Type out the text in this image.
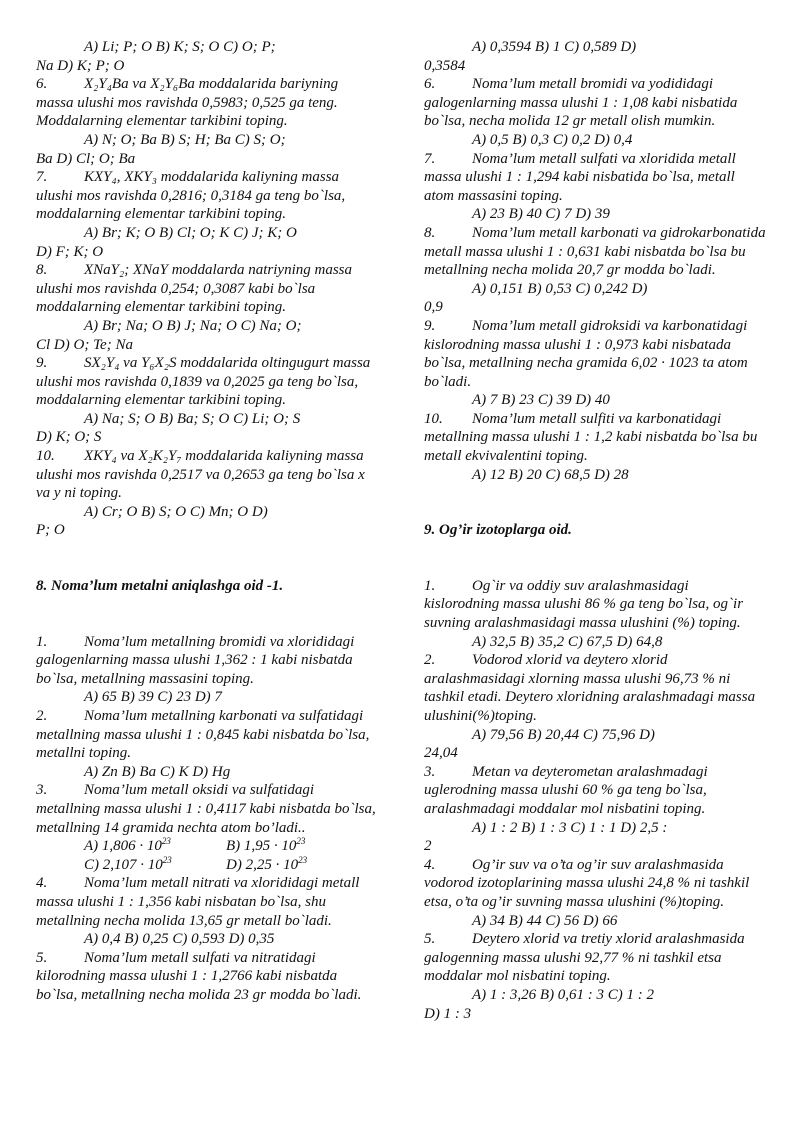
A) Li; P; O B) K; S; O C) O; P;

Na D) K; P; O

6. X₂Y₄Ba va X₂Y₆Ba moddalarida bariyning massa ulushi mos ravishda 0,5983; 0,525 ga teng. Moddalarning elementar tarkibini toping.

A) N; O; Ba B) S; H; Ba C) S; O;

Ba D) Cl; O; Ba

7. KXY₄, XKY₃ moddalarida kaliyning massa ulushi mos ravishda 0,2816; 0,3184 ga teng bo`lsa, moddalarning elementar tarkibini toping.

A) Br; K; O B) Cl; O; K C) J; K; O

D) F; K; O

8. XNaY₂; XNaY moddalarda natriyning massa ulushi mos ravishda 0,254; 0,3087 kabi bo`lsa moddalarning elementar tarkibini toping.

A) Br; Na; O B) J; Na; O C) Na; O;

Cl D) O; Te; Na

9. SX₂Y₄ va Y₆X₂S moddalarida oltingugurt massa ulushi mos ravishda 0,1839 va 0,2025 ga teng bo`lsa, moddalarning elementar tarkibini toping.

A) Na; S; O B) Ba; S; O C) Li; O; S

D) K; O; S

10. XKY₄ va X₂K₂Y₇ moddalarida kaliyning massa ulushi mos ravishda 0,2517 va 0,2653 ga teng bo`lsa x va y ni toping.

A) Cr; O B) S; O C) Mn; O D)

P; O

8. Noma’lum metalni aniqlashga oid -1.

1. Noma’lum metallning bromidi va xlorididagi galogenlarning massa ulushi 1,362 : 1 kabi nisbatda bo`lsa, metallning massasini toping.

A) 65 B) 39 C) 23 D) 7

2. Noma’lum metallning karbonati va sulfatidagi metallning massa ulushi 1 : 0,845 kabi nisbatda bo`lsa, metallni toping.

A) Zn B) Ba C) K D) Hg

3. Noma’lum metall oksidi va sulfatidagi metallning massa ulushi 1 : 0,4117 kabi nisbatda bo`lsa, metallning 14 gramida nechta atom bo’ladi..

A) $1,806 \cdot 10^{23}$	B) $1,95 \cdot 10^{23}$

C) $2,107 \cdot 10^{23}$	D) $2,25 \cdot 10^{23}$

4. Noma’lum metall nitrati va xlorididagi metall massa ulushi 1 : 1,356 kabi nisbatan bo`lsa, shu metallning necha molida 13,65 gr metall bo`ladi.

A) 0,4 B) 0,25 C) 0,593 D) 0,35

5. Noma’lum metall sulfati va nitratidagi kilorodning massa ulushi 1 : 1,2766 kabi nisbatda bo`lsa, metallning necha molida 23 gr modda bo`ladi.

A) 0,3594 B) 1 C) 0,589 D)

0,3584

6. Noma’lum metall bromidi va yodididagi galogenlarning massa ulushi 1 : 1,08 kabi nisbatida bo`lsa, necha molida 12 gr metall olish mumkin.

A) 0,5 B) 0,3 C) 0,2 D) 0,4

7. Noma’lum metall sulfati va xloridida metall massa ulushi 1 : 1,294 kabi nisbatida bo`lsa, metall atom massasini toping.

A) 23 B) 40 C) 7 D) 39

8. Noma’lum metall karbonati va gidrokarbonatida metall massa ulushi 1 : 0,631 kabi nisbatda bo`lsa bu metallning necha molida 20,7 gr modda bo`ladi.

A) 0,151 B) 0,53 C) 0,242 D)

0,9

9. Noma’lum metall gidroksidi va karbonatidagi kislorodning massa ulushi 1 : 0,973 kabi nisbatada bo`lsa, metallning necha gramida 6,02 · 1023 ta atom bo`ladi.

A) 7 B) 23 C) 39 D) 40

10. Noma’lum metall sulfiti va karbonatidagi metallning massa ulushi 1 : 1,2 kabi nisbatda bo`lsa bu metall ekvivalentini toping.

A) 12 B) 20 C) 68,5 D) 28

9. Og’ir izotoplarga oid.

1. Og`ir va oddiy suv aralashmasidagi kislorodning massa ulushi 86 % ga teng bo`lsa, og`ir suvning aralashmasidagi massa ulushini (%) toping.

A) 32,5 B) 35,2 C) 67,5 D) 64,8

2. Vodorod xlorid va deytero xlorid aralashmasidagi xlorning massa ulushi 96,73 % ni tashkil etadi. Deytero xloridning aralashmadagi massa ulushini(%)toping.

A) 79,56 B) 20,44 C) 75,96 D)

24,04

3. Metan va deyterometan aralashmadagi uglerodning massa ulushi 60 % ga teng bo`lsa, aralashmadagi moddalar mol nisbatini toping.

A) 1 : 2 B) 1 : 3 C) 1 : 1 D) 2,5 :

2

4. Og’ir suv va o’ta og’ir suv aralashmasida vodorod izotoplarining massa ulushi 24,8 % ni tashkil etsa, o’ta og’ir suvning massa ulushini (%)toping.

A) 34 B) 44 C) 56 D) 66

5. Deytero xlorid va tretiy xlorid aralashmasida galogenning massa ulushi 92,77 % ni tashkil etsa moddalar mol nisbatini toping.

A) 1 : 3,26 B) 0,61 : 3 C) 1 : 2

D) 1 : 3
